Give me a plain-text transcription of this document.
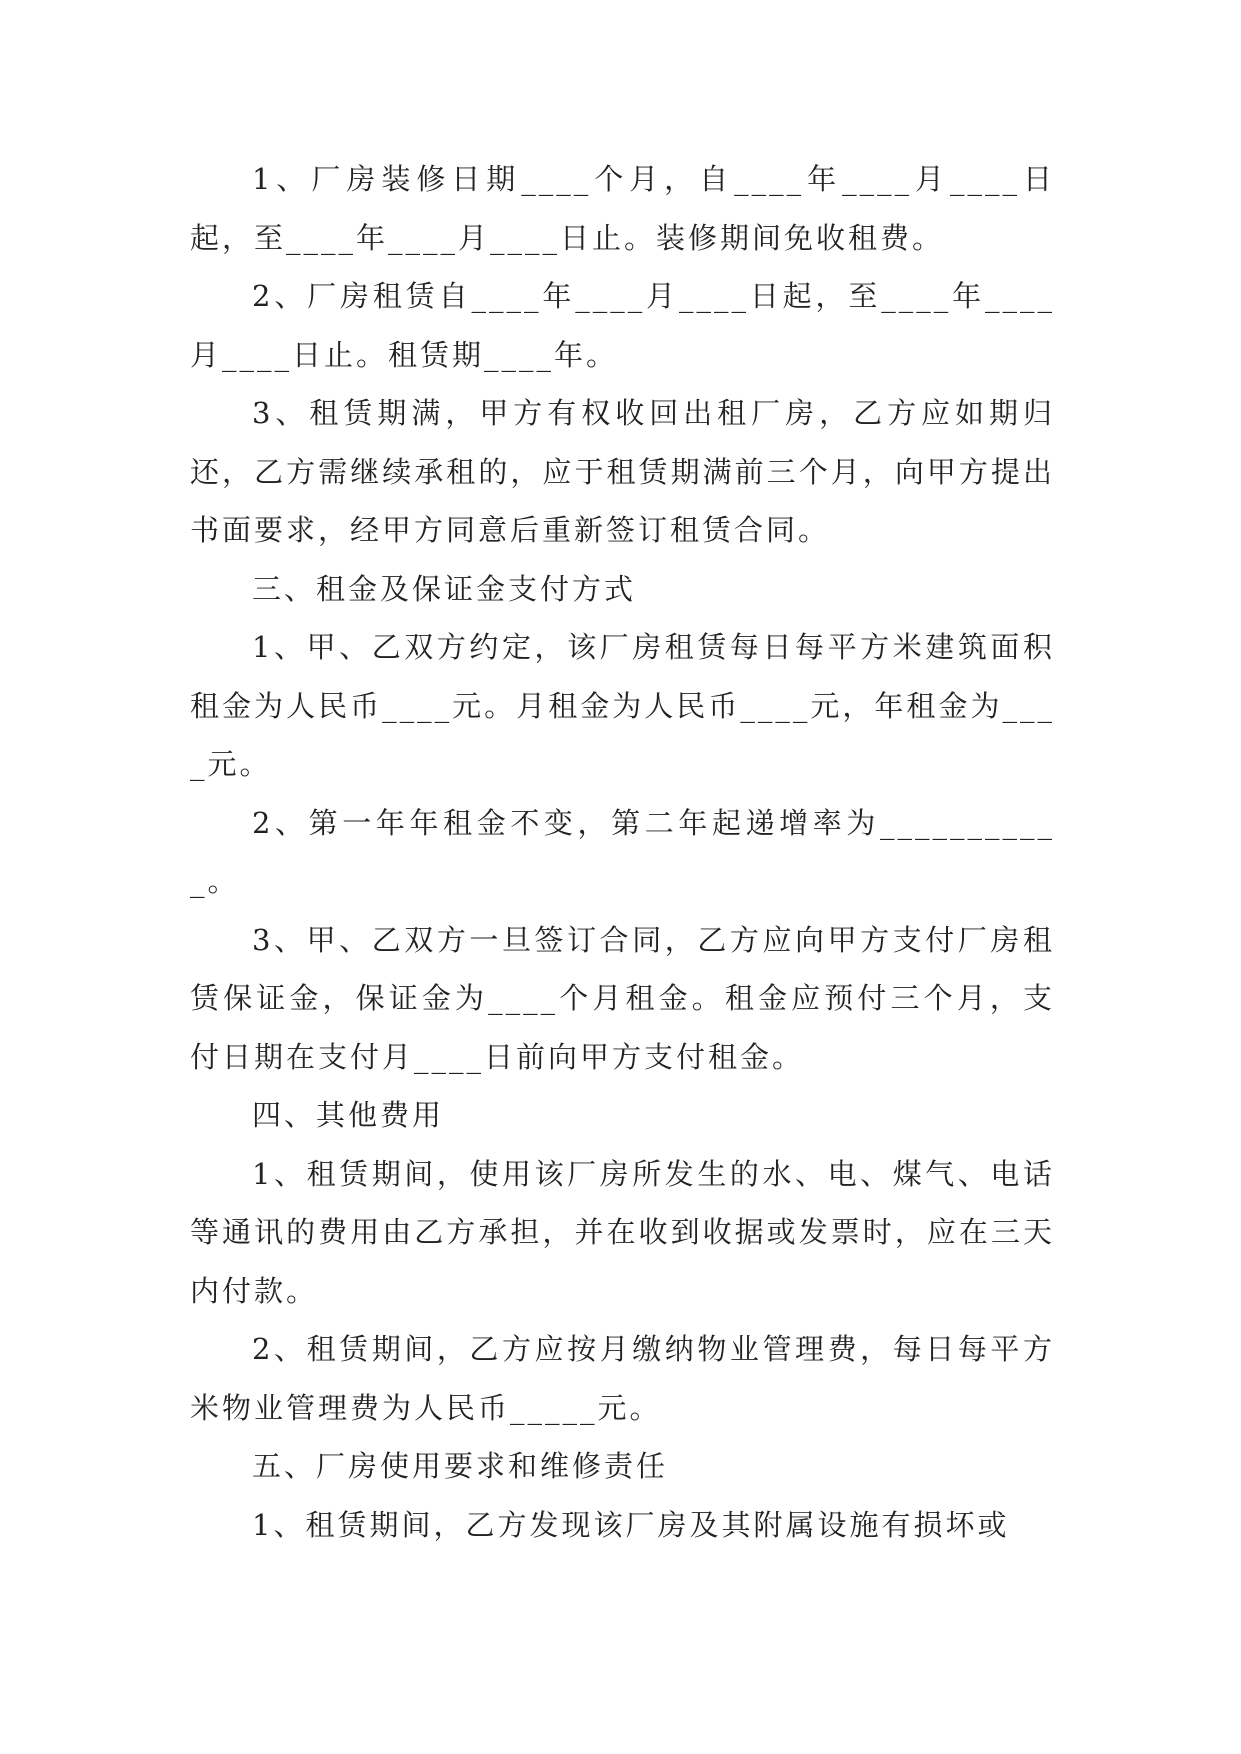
1、厂房装修日期____个月，自____年____月____日起，至____年____月____日止。装修期间免收租费。

2、厂房租赁自____年____月____日起，至____年____月____日止。租赁期____年。

3、租赁期满，甲方有权收回出租厂房，乙方应如期归还，乙方需继续承租的，应于租赁期满前三个月，向甲方提出书面要求，经甲方同意后重新签订租赁合同。

三、租金及保证金支付方式

1、甲、乙双方约定，该厂房租赁每日每平方米建筑面积租金为人民币____元。月租金为人民币____元，年租金为____元。

2、第一年年租金不变，第二年起递增率为___________。

3、甲、乙双方一旦签订合同，乙方应向甲方支付厂房租赁保证金，保证金为____个月租金。租金应预付三个月，支付日期在支付月____日前向甲方支付租金。

四、其他费用

1、租赁期间，使用该厂房所发生的水、电、煤气、电话等通讯的费用由乙方承担，并在收到收据或发票时，应在三天内付款。

2、租赁期间，乙方应按月缴纳物业管理费，每日每平方米物业管理费为人民币_____元。

五、厂房使用要求和维修责任

1、租赁期间，乙方发现该厂房及其附属设施有损坏或
